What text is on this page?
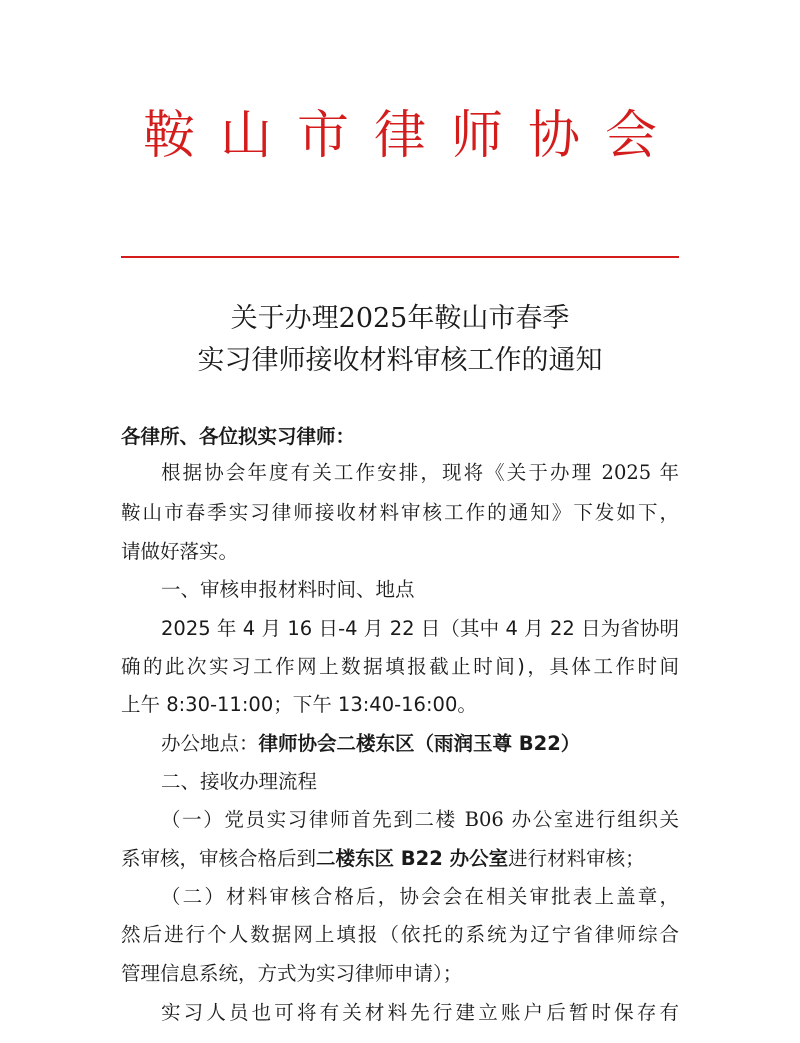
鞍山市律师协会
关于办理2025年鞍山市春季
实习律师接收材料审核工作的通知
各律所、各位拟实习律师：
根据协会年度有关工作安排，现将《关于办理 2025 年
鞍山市春季实习律师接收材料审核工作的通知》下发如下，
请做好落实。
一、审核申报材料时间、地点
2025 年 4 月 16 日-4 月 22 日（其中 4 月 22 日为省协明
确的此次实习工作网上数据填报截止时间)，具体工作时间
上午 8:30-11:00；下午 13:40-16:00。
办公地点：律师协会二楼东区（雨润玉尊 B22）
二、接收办理流程
（一）党员实习律师首先到二楼 B06 办公室进行组织关
系审核，审核合格后到二楼东区 B22 办公室进行材料审核；
（二）材料审核合格后，协会会在相关审批表上盖章，
然后进行个人数据网上填报（依托的系统为辽宁省律师综合
管理信息系统，方式为实习律师申请）；
实习人员也可将有关材料先行建立账户后暂时保存有
